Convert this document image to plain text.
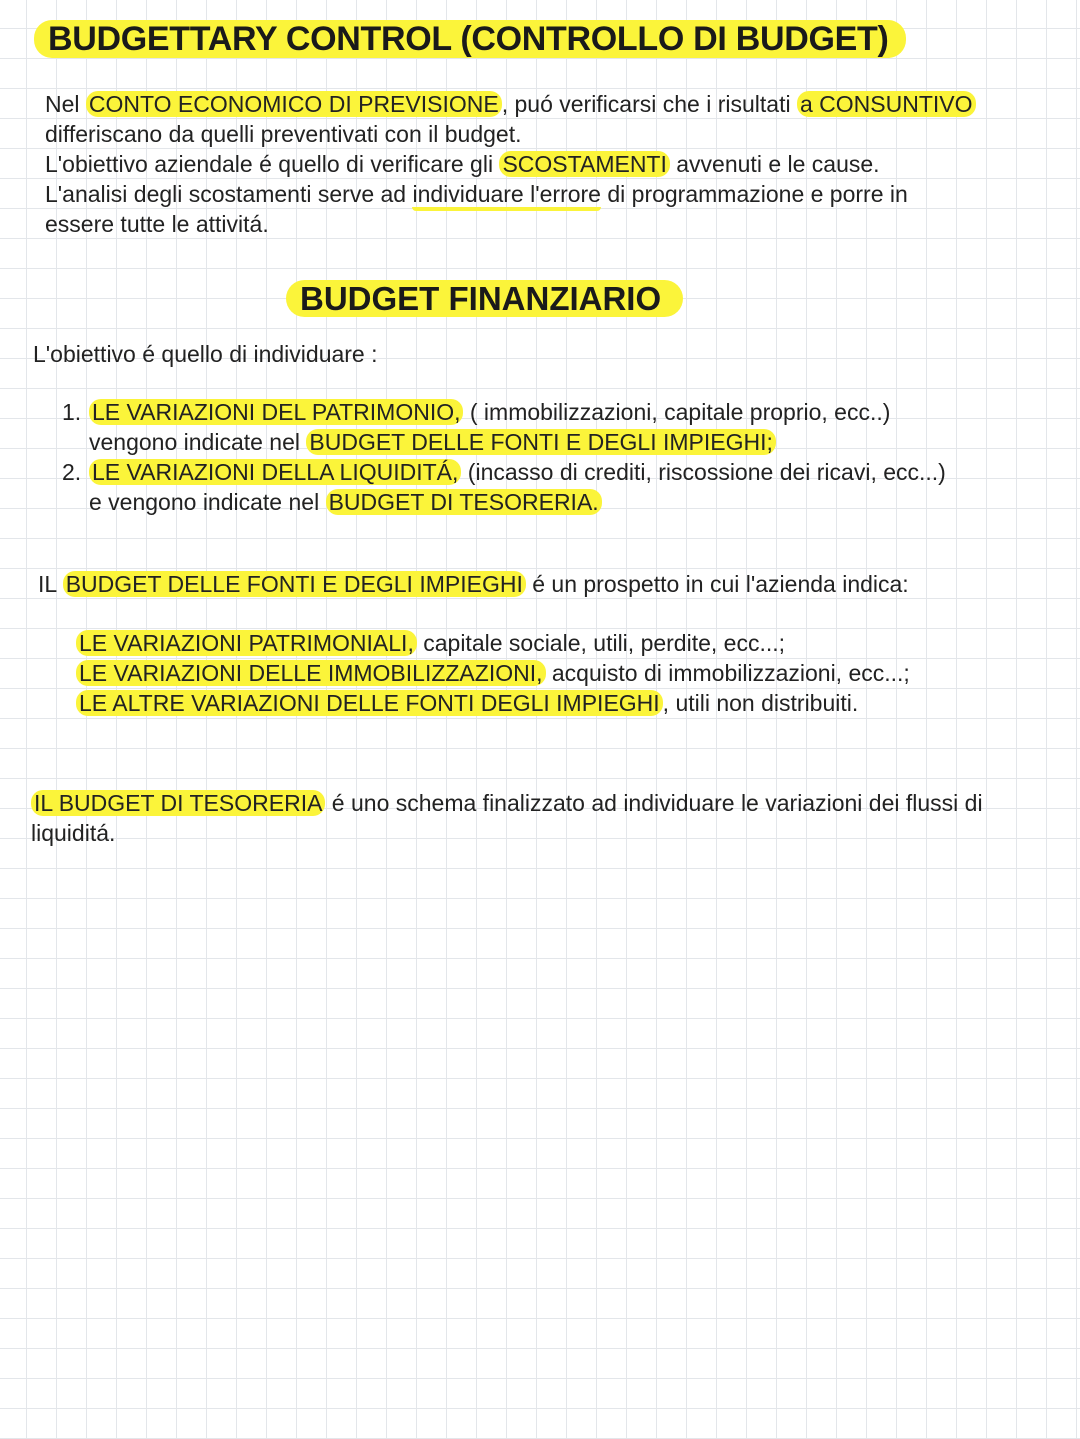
BUDGETTARY CONTROL (CONTROLLO DI BUDGET)
Nel CONTO ECONOMICO DI PREVISIONE , puó verificarsi che i risultati a CONSUNTIVO
differiscano da quelli preventivati con il budget.
L'obiettivo aziendale é quello di verificare gli SCOSTAMENTI avvenuti e le cause.
L'analisi degli scostamenti serve ad individuare l'errore di programmazione e porre in
essere tutte le attivitá.
BUDGET FINANZIARIO
L'obiettivo é quello di individuare :
1. LE VARIAZIONI DEL PATRIMONIO, ( immobilizzazioni, capitale proprio, ecc..)
vengono indicate nel BUDGET DELLE FONTI E DEGLI IMPIEGHI;
2. LE VARIAZIONI DELLA LIQUIDITÁ, (incasso di crediti, riscossione dei ricavi, ecc...)
e vengono indicate nel BUDGET DI TESORERIA.
IL BUDGET DELLE FONTI E DEGLI IMPIEGHI é un prospetto in cui l'azienda indica:
LE VARIAZIONI PATRIMONIALI, capitale sociale, utili, perdite, ecc...;
LE VARIAZIONI DELLE IMMOBILIZZAZIONI, acquisto di immobilizzazioni, ecc...;
LE ALTRE VARIAZIONI DELLE FONTI DEGLI IMPIEGHI , utili non distribuiti.
IL BUDGET DI TESORERIA é uno schema finalizzato ad individuare le variazioni dei flussi di
liquiditá.
